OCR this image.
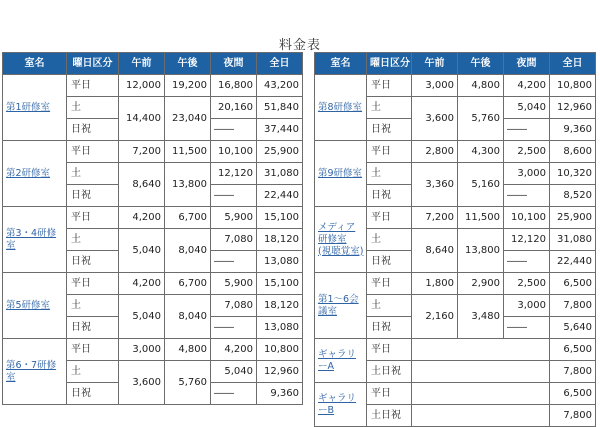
料金表
室名	曜日区分	午前	午後	夜間	全日

第1研修室	平日	12,000	19,200	16,800	43,200
	土	14,400	23,040	20,160	51,840
	日祝			――	37,440

第2研修室	平日	7,200	11,500	10,100	25,900
	土	8,640	13,800	12,120	31,080
	日祝			――	22,440

第3・4研修室	平日	4,200	6,700	5,900	15,100
	土	5,040	8,040	7,080	18,120
	日祝			――	13,080

第5研修室	平日	4,200	6,700	5,900	15,100
	土	5,040	8,040	7,080	18,120
	日祝			――	13,080

第6・7研修室	平日	3,000	4,800	4,200	10,800
	土	3,600	5,760	5,040	12,960
	日祝			――	9,360
室名	曜日区分	午前	午後	夜間	全日

第8研修室	平日	3,000	4,800	4,200	10,800
	土	3,600	5,760	5,040	12,960
	日祝			――	9,360

第9研修室	平日	2,800	4,300	2,500	8,600
	土	3,360	5,160	3,000	10,320
	日祝			――	8,520

メディア研修室
(視聴覚室)	平日	7,200	11,500	10,100	25,900
	土	8,640	13,800	12,120	31,080
	日祝			――	22,440

第1～6会議室	平日	1,800	2,900	2,500	6,500
	土	2,160	3,480	3,000	7,800
	日祝			――	5,640

ギャラリーA	平日				6,500
	土日祝				7,800

ギャラリーB	平日				6,500
	土日祝				7,800
